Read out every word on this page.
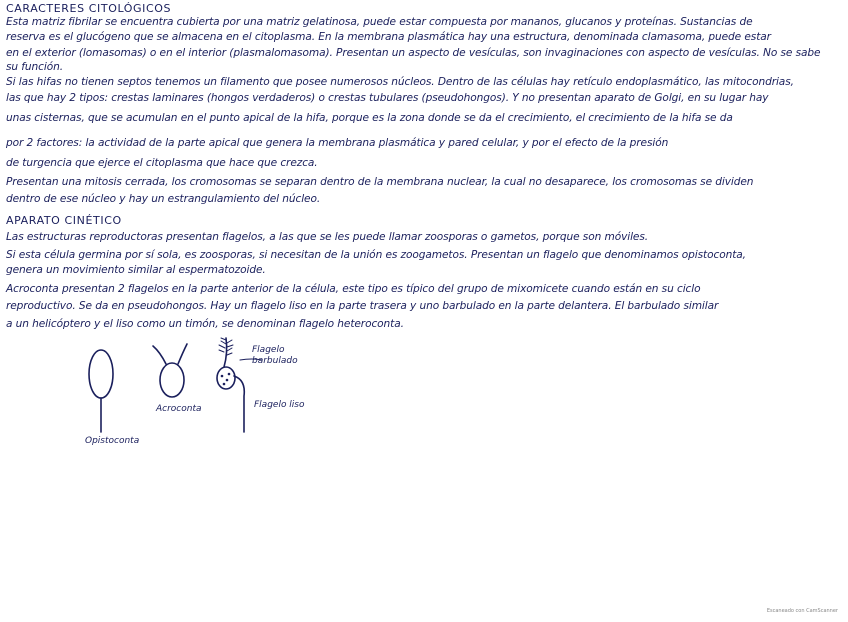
CARACTERES CITOLÓGICOS
Esta matriz fibrilar se encuentra cubierta por una matriz gelatinosa, puede estar compuesta por mananos, glucanos y proteínas. Sustancias de
reserva es el glucógeno que se almacena en el citoplasma. En la membrana plasmática hay una estructura, denominada clamasoma, puede estar
en el exterior (lomasomas) o en el interior (plasmalomasoma). Presentan un aspecto de vesículas, son invaginaciones con aspecto de vesículas. No se sabe
su función.
Si las hifas no tienen septos tenemos un filamento que posee numerosos núcleos. Dentro de las células hay retículo endoplasmático, las mitocondrias,
las que hay 2 tipos: crestas laminares (hongos verdaderos) o crestas tubulares (pseudohongos). Y no presentan aparato de Golgi, en su lugar hay
unas cisternas, que se acumulan en el punto apical de la hifa, porque es la zona donde se da el crecimiento, el crecimiento de la hifa se da
por 2 factores: la actividad de la parte apical que genera la membrana plasmática y pared celular, y por el efecto de la presión
de turgencia que ejerce el citoplasma que hace que crezca.
Presentan una mitosis cerrada, los cromosomas se separan dentro de la membrana nuclear, la cual no desaparece, los cromosomas se dividen
dentro de ese núcleo y hay un estrangulamiento del núcleo.
APARATO CINÉTICO
Las estructuras reproductoras presentan flagelos, a las que se les puede llamar zoosporas o gametos, porque son móviles.
Si esta célula germina por sí sola, es zoosporas, si necesitan de la unión es zoogametos. Presentan un flagelo que denominamos opistoconta,
genera un movimiento similar al espermatozoide.
Acroconta presentan 2 flagelos en la parte anterior de la célula, este tipo es típico del grupo de mixomicete cuando están en su ciclo
reproductivo. Se da en pseudohongos. Hay un flagelo liso en la parte trasera y uno barbulado en la parte delantera. El barbulado similar
a un helicóptero y el liso como un timón, se denominan flagelo heteroconta.
Opistoconta
Acroconta
Flagelo barbulado
Flagelo liso
Escaneado con CamScanner
